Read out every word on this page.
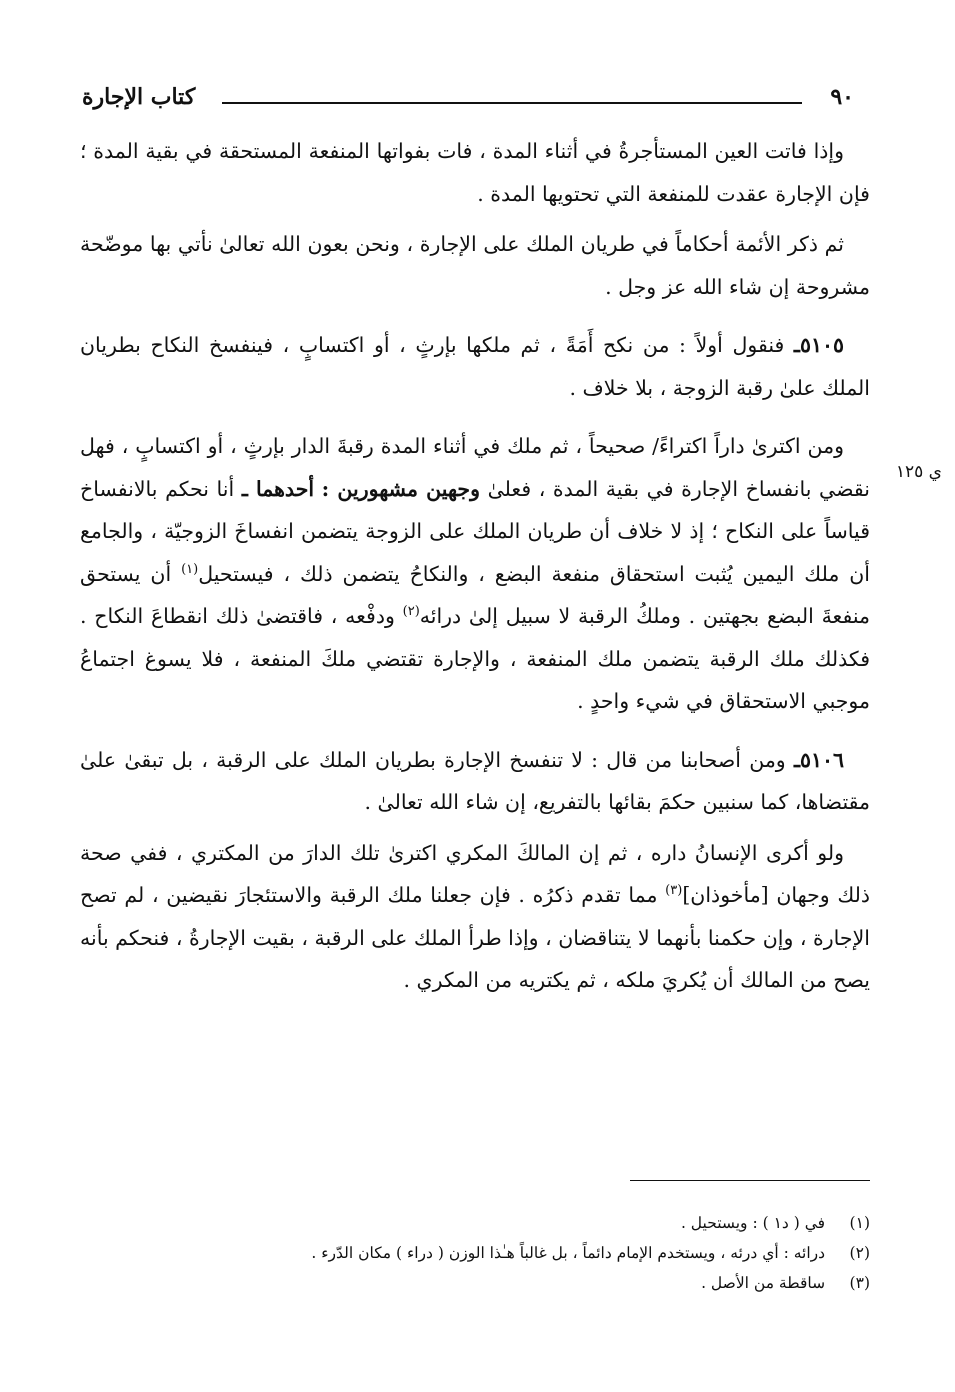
٩٠
كتاب الإجارة
ي ١٢٥

وإذا فاتت العين المستأجرةُ في أثناء المدة ، فات بفواتها المنفعة المستحقة في بقية المدة ؛ فإن الإجارة عقدت للمنفعة التي تحتويها المدة .

ثم ذكر الأئمة أحكاماً في طريان الملك على الإجارة ، ونحن بعون الله تعالىٰ نأتي بها موضّحة مشروحة إن شاء الله عز وجل .

٥١٠٥ـ فنقول أولاً : من نكح أَمَةً ، ثم ملكها بإرثٍ ، أو اكتسابٍ ، فينفسخ النكاح بطريان الملك علىٰ رقبة الزوجة ، بلا خلاف .

ومن اكترىٰ داراً اكتراءً/ صحيحاً ، ثم ملك في أثناء المدة رقبةَ الدار بإرثٍ ، أو اكتسابٍ ، فهل نقضي بانفساخ الإجارة في بقية المدة ، فعلىٰ وجهين مشهورين : أحدهما ـ أنا نحكم بالانفساخ قياساً على النكاح ؛ إذ لا خلاف أن طريان الملك على الزوجة يتضمن انفساخَ الزوجيّة ، والجامع أن ملك اليمين يُثبت استحقاق منفعة البضع ، والنكاحُ يتضمن ذلك ، فيستحيل$^{(١)}$ أن يستحق منفعةَ البضع بجهتين . وملكُ الرقبة لا سبيل إلىٰ درائه$^{(٢)}$ ودفْعه ، فاقتضىٰ ذلك انقطاعَ النكاح . فكذلك ملك الرقبة يتضمن ملك المنفعة ، والإجارة تقتضي ملكَ المنفعة ، فلا يسوغ اجتماعُ موجبي الاستحقاق في شيء واحدٍ .

٥١٠٦ـ ومن أصحابنا من قال : لا تنفسخ الإجارة بطريان الملك على الرقبة ، بل تبقىٰ علىٰ مقتضاها، كما سنبين حكمَ بقائها بالتفريع، إن شاء الله تعالىٰ .

ولو أكرى الإنسانُ داره ، ثم إن المالكَ المكري اكترىٰ تلك الدارَ من المكتري ، ففي صحة ذلك وجهان [مأخوذان]$^{(٣)}$ مما تقدم ذكرُه . فإن جعلنا ملك الرقبة والاستئجارَ نقيضين ، لم تصح الإجارة ، وإن حكمنا بأنهما لا يتناقضان ، وإذا طرأ الملك على الرقبة ، بقيت الإجارةُ ، فنحكم بأنه يصح من المالك أن يُكريَ ملكه ، ثم يكتريه من المكري .

(١) في ( د١ ) : ويستحيل .
(٢) درائه : أي درئه ، ويستخدم الإمام دائماً ، بل غالباً هـٰذا الوزن ( دراء ) مكان الدّرء .
(٣) ساقطة من الأصل .
